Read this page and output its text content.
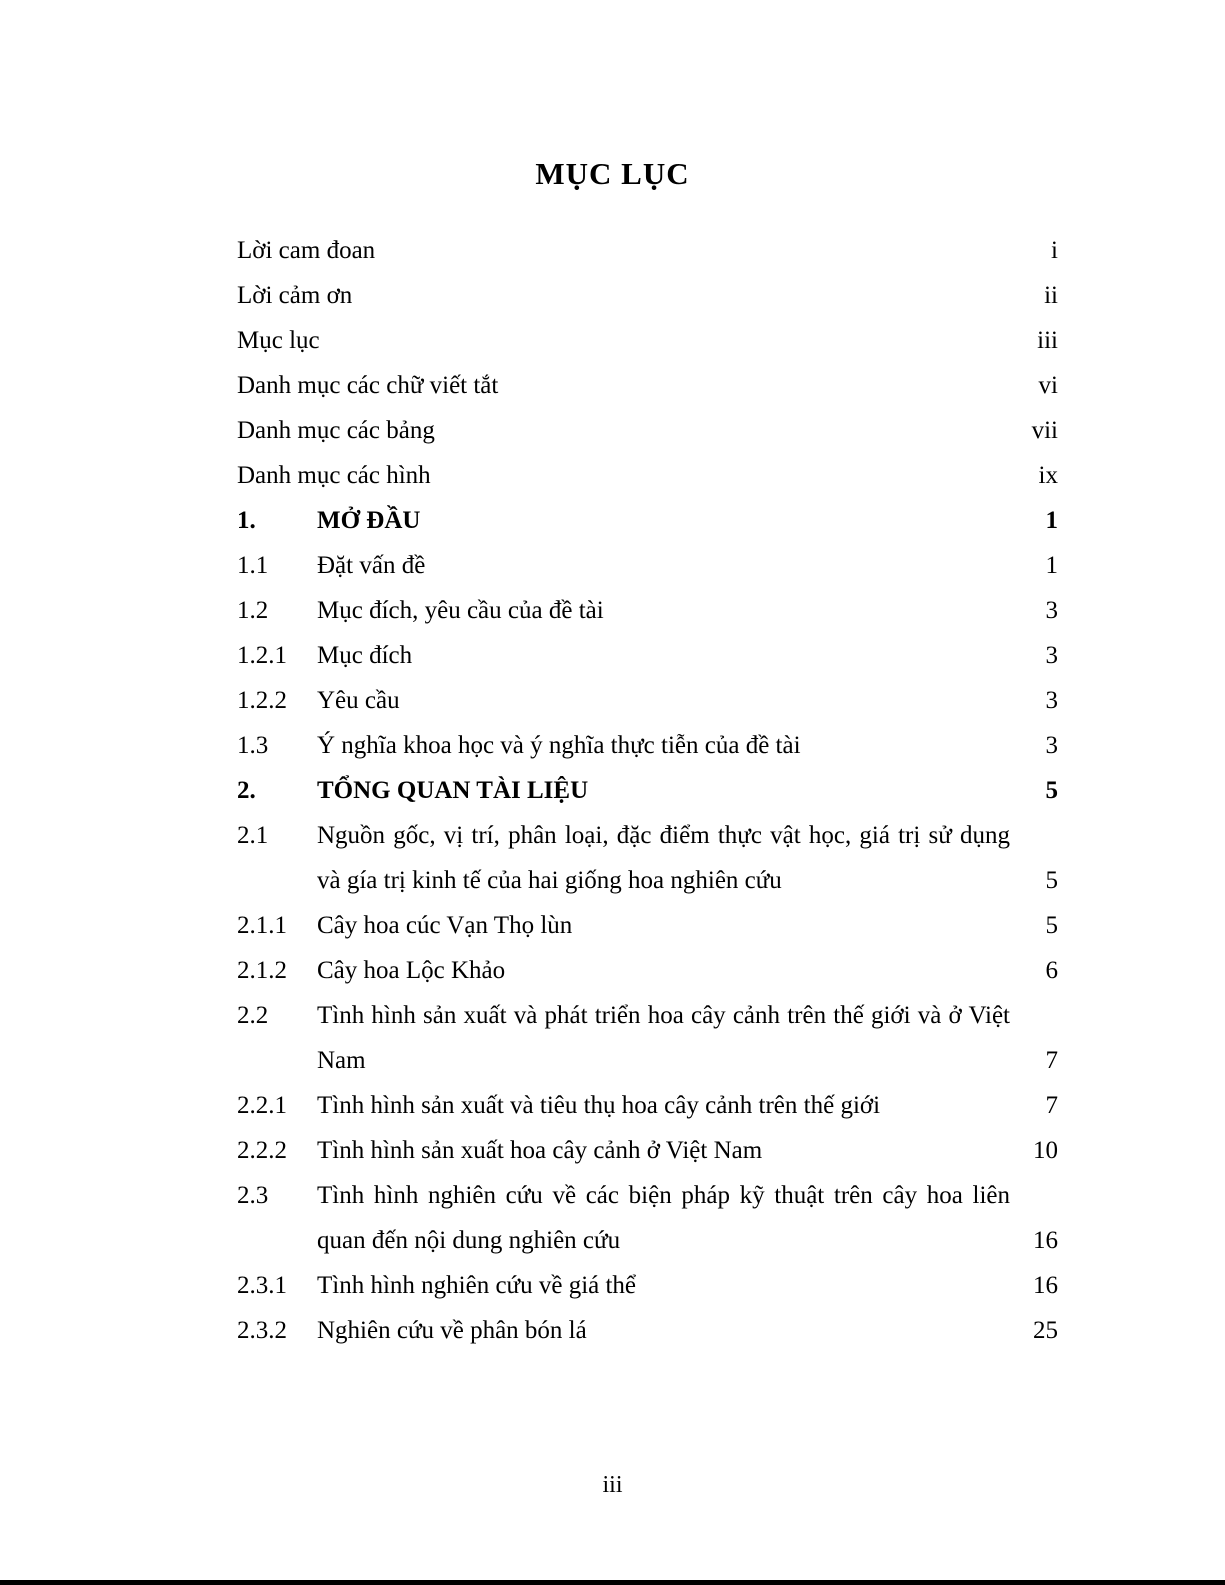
MỤC LỤC
Lời cam đoan	i
Lời cảm ơn	ii
Mục lục	iii
Danh mục các chữ viết tắt	vi
Danh mục các bảng	vii
Danh mục các hình	ix
1.	MỞ ĐẦU	1
1.1	Đặt vấn đề	1
1.2	Mục đích, yêu cầu của đề tài	3
1.2.1	Mục đích	3
1.2.2	Yêu cầu	3
1.3	Ý nghĩa khoa học và ý nghĩa thực tiễn của đề tài	3
2.	TỔNG QUAN TÀI LIỆU	5
2.1	Nguồn gốc, vị trí, phân loại, đặc điểm thực vật học, giá trị sử dụng và gía trị kinh tế của hai giống hoa nghiên cứu	5
2.1.1	Cây hoa cúc Vạn Thọ lùn	5
2.1.2	Cây hoa Lộc Khảo	6
2.2	Tình hình sản xuất và phát triển hoa cây cảnh trên thế giới và ở Việt Nam	7
2.2.1	Tình hình sản xuất và tiêu thụ hoa cây cảnh trên thế giới	7
2.2.2	Tình hình sản xuất hoa cây cảnh ở Việt Nam	10
2.3	Tình hình nghiên cứu về các biện pháp kỹ thuật trên cây hoa liên quan đến nội dung nghiên cứu	16
2.3.1	Tình hình nghiên cứu về giá thể	16
2.3.2	Nghiên cứu về phân bón lá	25
iii
